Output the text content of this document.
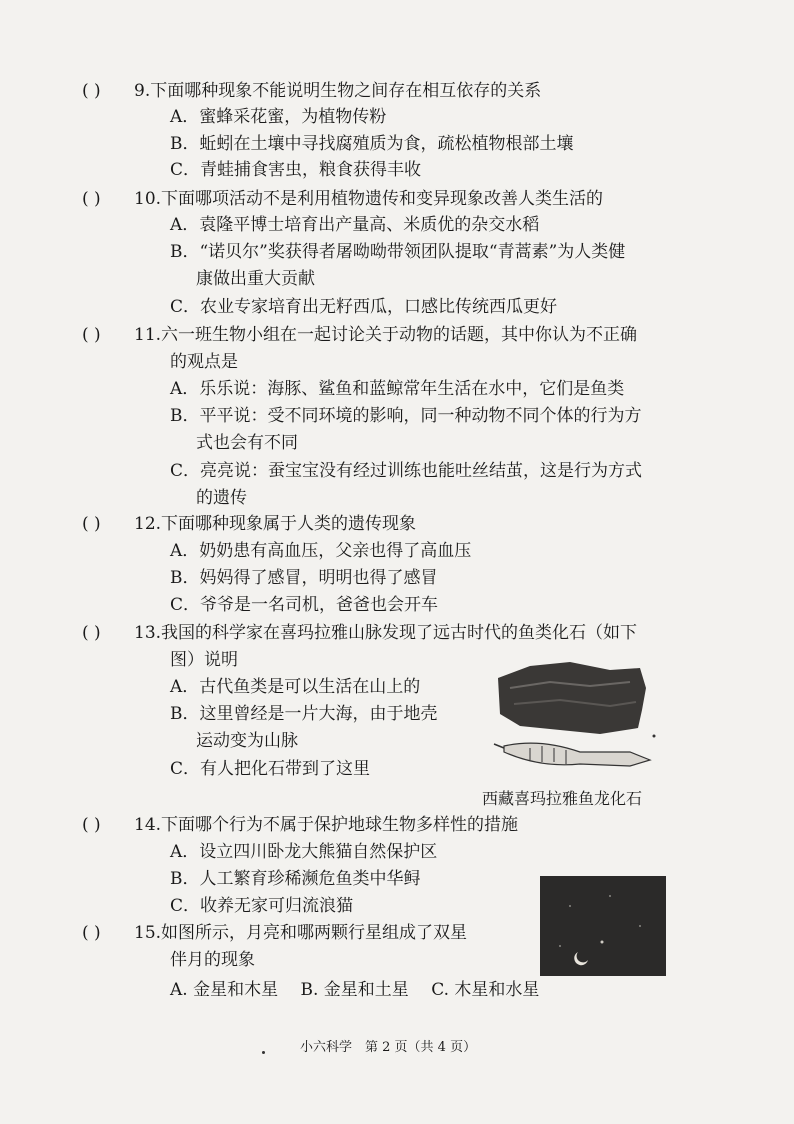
( ) 9.下面哪种现象不能说明生物之间存在相互依存的关系
A．蜜蜂采花蜜，为植物传粉
B．蚯蚓在土壤中寻找腐殖质为食，疏松植物根部土壤
C．青蛙捕食害虫，粮食获得丰收
( ) 10.下面哪项活动不是利用植物遗传和变异现象改善人类生活的
A．袁隆平博士培育出产量高、米质优的杂交水稻
B．“诺贝尔”奖获得者屠呦呦带领团队提取“青蒿素”为人类健
康做出重大贡献
C．农业专家培育出无籽西瓜，口感比传统西瓜更好
( ) 11.六一班生物小组在一起讨论关于动物的话题，其中你认为不正确
的观点是
A．乐乐说：海豚、鲨鱼和蓝鲸常年生活在水中，它们是鱼类
B．平平说：受不同环境的影响，同一种动物不同个体的行为方
式也会有不同
C．亮亮说：蚕宝宝没有经过训练也能吐丝结茧，这是行为方式
的遗传
( ) 12.下面哪种现象属于人类的遗传现象
A．奶奶患有高血压，父亲也得了高血压
B．妈妈得了感冒，明明也得了感冒
C．爷爷是一名司机，爸爸也会开车
( ) 13.我国的科学家在喜玛拉雅山脉发现了远古时代的鱼类化石（如下
图）说明
A．古代鱼类是可以生活在山上的
B．这里曾经是一片大海，由于地壳
运动变为山脉
C．有人把化石带到了这里
西藏喜玛拉雅鱼龙化石
( ) 14.下面哪个行为不属于保护地球生物多样性的措施
A．设立四川卧龙大熊猫自然保护区
B．人工繁育珍稀濒危鱼类中华鲟
C．收养无家可归流浪猫
( ) 15.如图所示，月亮和哪两颗行星组成了双星
伴月的现象
A. 金星和木星　 B. 金星和土星　 C. 木星和水星
小六科学　第 2 页（共 4 页）
